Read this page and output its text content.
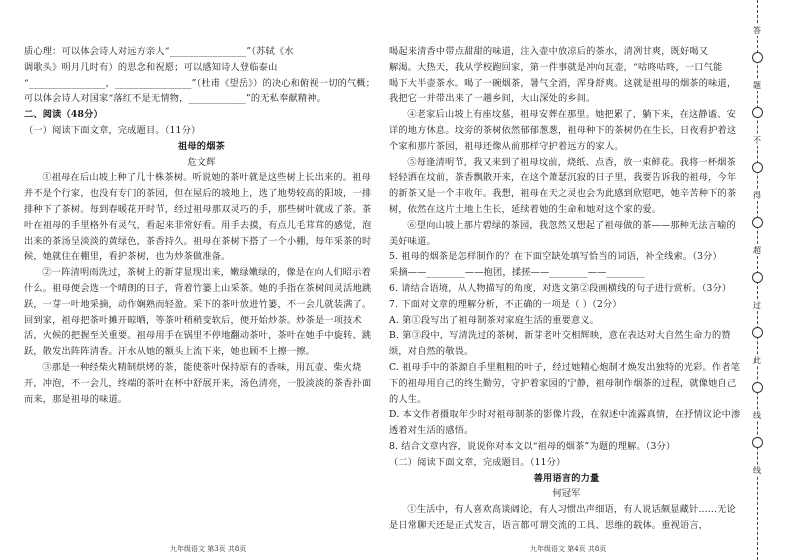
质心理：可以体会诗人对远方亲人“________________”（苏轼《水

调歌头》明月几时有）的思念和祝愿；可以感知诗人登临泰山

“________________，________________”（杜甫《望岳》）的决心和俯视一切的气概；

可以体会诗人对国家“落红不是无情物，____________”的无私奉献精神。

二、阅读（48分）

（一）阅读下面文章，完成题目。（11分）

祖母的烟茶

危文辉

①祖母在后山坡上种了几十株茶树。听说她的茶叶就是这些树上长出来的。祖母并不是个行家，也没有专门的茶园，但在屋后的坡地上，选了地势较高的阳坡，一排排种下了茶树。每到春暖花开时节，经过祖母那双灵巧的手，那些树叶就成了茶。茶叶在祖母的手里格外有灵气，看起来非常好看。用手去摸，有点儿毛茸茸的感觉，泡出来的茶汤呈淡淡的黄绿色，茶香持久。祖母在茶树下搭了一个小棚，每年采茶的时候，她就住在棚里，看护茶树，也为炒茶做准备。

②一阵清明雨洗过，茶树上的新芽显现出来，嫩绿嫩绿的，像是在向人们昭示着什么。祖母便会选一个晴朗的日子，背着竹篓上山采茶。她的手指在茶树间灵活地跳跃，一芽一叶地采摘，动作娴熟而轻盈。采下的茶叶放进竹篓，不一会儿就装满了。回到家，祖母把茶叶摊开晾晒，等茶叶稍稍变软后，便开始炒茶。炒茶是一项技术活，火候的把握至关重要。祖母用手在锅里不停地翻动茶叶，茶叶在她手中旋转、跳跃，散发出阵阵清香。汗水从她的额头上流下来，她也顾不上擦一擦。

③那是一种经柴火精制烘烤的茶，能使茶叶保持原有的香味，用瓦壶、柴火烧开，冲泡，不一会儿，终端的茶叶在杯中舒展开来，汤色清亮，一股淡淡的茶香扑面而来，那是祖母的味道。

九年级语文 第3页 共8页

喝起来清香中带点甜甜的味道，注入壶中放凉后的茶水，清冽甘爽，既好喝又

解渴。大热天，我从学校跑回家，第一件事就是冲向瓦壶，“咕咚咕咚，一口气能

喝下大半壶茶水。喝了一碗烟茶，暑气全消，浑身舒爽。这就是祖母的烟茶的味道，

我把它一并带出来了一趟乡间，大山深处的乡间。

④老家后山坡上有座坟墓，祖母安葬在那里。她把累了，躺下来，在这静谧、安详的地方休息。坟旁的茶树依然郁郁葱葱，祖母种下的茶树仍在生长，日夜看护着这个家和那片茶园，祖母还像从前那样守护着远方的家人。

⑤每逢清明节，我又来到了祖母坟前，烧纸、点香，放一束鲜花。我将一杯烟茶轻轻洒在坟前，茶香飘散开来，在这个萧瑟沉寂的日子里，我要告诉我的祖母，今年的新茶又是一个丰收年。我想，祖母在天之灵也会为此感到欣慰吧，她辛苦种下的茶树，依然在这片土地上生长，延续着她的生命和她对这个家的爱。

⑥望向山坡上那片碧绿的茶园，我忽然又想起了祖母做的茶——那种无法言喻的美好味道。

5. 祖母的烟茶是怎样制作的？在下面空缺处填写恰当的词语，补全线索。（3分）

采摘——________——抱团，揉搓——________——________

6. 请结合语境，从人物描写的角度，对选文第②段画横线的句子进行赏析。（3分）

7. 下面对文章的理解分析，不正确的一项是（ ）（2分）

A. 第①段写出了祖母制茶对家庭生活的重要意义。

B. 第③段中，写清洗过的茶树，新芽老叶交相辉映，意在表达对大自然生命力的赞颂，对自然的敬畏。

C. 祖母手中的茶源自手里粗粗的叶子，经过她精心炮制才焕发出独特的光彩。作者笔下的祖母用自己的终生勤劳，守护着家园的宁静，祖母制作烟茶的过程，就像她自己的人生。

D. 本文作者摄取年少时对祖母制茶的影像片段，在叙述中流露真情，在抒情议论中渗透着对生活的感悟。

8. 结合文章内容，说说你对本文以“祖母的烟茶”为题的理解。（3分）

（二）阅读下面文章，完成题目。（11分）

善用语言的力量

何冠军

①生活中，有人喜欢高谈阔论，有人习惯出声细语，有人说话颇显藏针……无论是日常聊天还是正式发言，语言都可谓交流的工具、思维的载体。重视语言，

九年级语文 第4页 共8页
答
题
不
得
超
过
此
线
线
